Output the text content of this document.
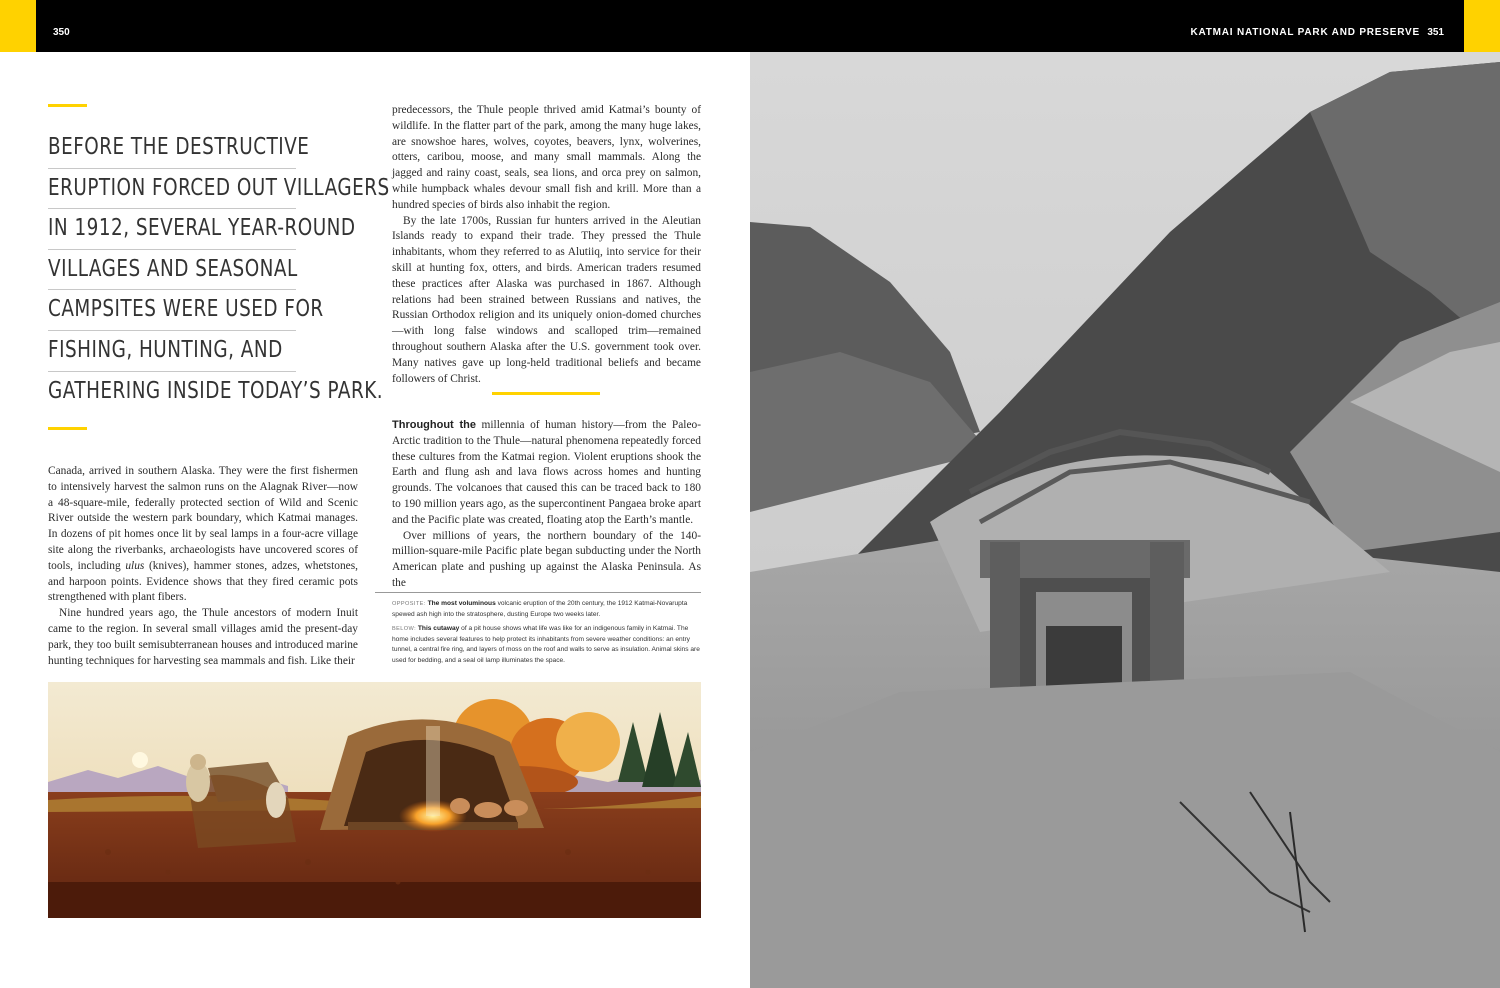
350	KATMAI NATIONAL PARK AND PRESERVE 351
BEFORE THE DESTRUCTIVE
ERUPTION FORCED OUT VILLAGERS
IN 1912, SEVERAL YEAR-ROUND
VILLAGES AND SEASONAL
CAMPSITES WERE USED FOR
FISHING, HUNTING, AND
GATHERING INSIDE TODAY’S PARK.

Canada, arrived in southern Alaska. They were the first fishermen to intensively harvest the salmon runs on the Alagnak River—now a 48-square-mile, federally protected section of Wild and Scenic River outside the western park boundary, which Katmai manages. In dozens of pit homes once lit by seal lamps in a four-acre village site along the riverbanks, archaeologists have uncovered scores of tools, including ulus (knives), hammer stones, adzes, whetstones, and harpoon points. Evidence shows that they fired ceramic pots strengthened with plant fibers.

Nine hundred years ago, the Thule ancestors of modern Inuit came to the region. In several small villages amid the present-day park, they too built semisubterranean houses and introduced marine hunting techniques for harvesting sea mammals and fish. Like their

predecessors, the Thule people thrived amid Katmai’s bounty of wildlife. In the flatter part of the park, among the many huge lakes, are snowshoe hares, wolves, coyotes, beavers, lynx, wolverines, otters, caribou, moose, and many small mammals. Along the jagged and rainy coast, seals, sea lions, and orca prey on salmon, while humpback whales devour small fish and krill. More than a hundred species of birds also inhabit the region.

By the late 1700s, Russian fur hunters arrived in the Aleutian Islands ready to expand their trade. They pressed the Thule inhabitants, whom they referred to as Alutiiq, into service for their skill at hunting fox, otters, and birds. American traders resumed these practices after Alaska was purchased in 1867. Although relations had been strained between Russians and natives, the Russian Orthodox religion and its uniquely onion-domed churches—with long false windows and scalloped trim—remained throughout southern Alaska after the U.S. government took over. Many natives gave up long-held traditional beliefs and became followers of Christ.

Throughout the millennia of human history—from the Paleo-Arctic tradition to the Thule—natural phenomena repeatedly forced these cultures from the Katmai region. Violent eruptions shook the Earth and flung ash and lava flows across homes and hunting grounds. The volcanoes that caused this can be traced back to 180 to 190 million years ago, as the supercontinent Pangaea broke apart and the Pacific plate was created, floating atop the Earth’s mantle.

Over millions of years, the northern boundary of the 140-million-square-mile Pacific plate began subducting under the North American plate and pushing up against the Alaska Peninsula. As the

OPPOSITE: The most voluminous volcanic eruption of the 20th century, the 1912 Katmai-Novarupta spewed ash high into the stratosphere, dusting Europe two weeks later.

BELOW: This cutaway of a pit house shows what life was like for an indigenous family in Katmai. The home includes several features to help protect its inhabitants from severe weather conditions: an entry tunnel, a central fire ring, and layers of moss on the roof and walls to serve as insulation. Animal skins are used for bedding, and a seal oil lamp illuminates the space.
